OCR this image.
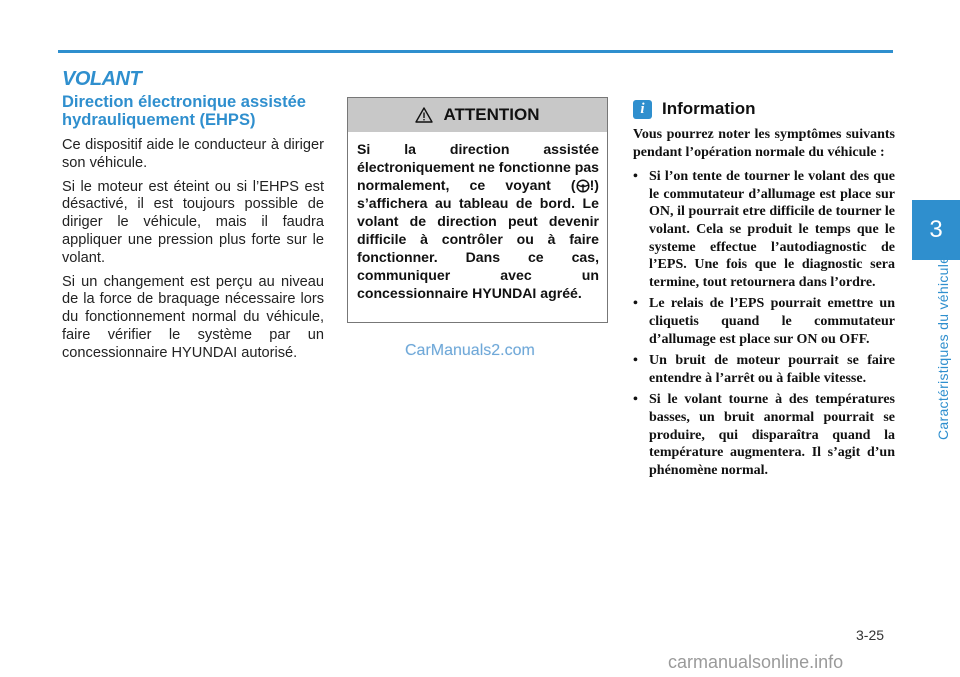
3
Caractéristiques du véhicule
VOLANT
Direction électronique assistée hydrauliquement (EHPS)

Ce dispositif aide le conducteur à diriger son véhicule.

Si le moteur est éteint ou si l’EHPS est désactivé, il est toujours possible de diriger le véhicule, mais il faudra appliquer une pression plus forte sur le volant.

Si un changement est perçu au niveau de la force de braquage nécessaire lors du fonctionnement normal du véhicule, faire vérifier le système par un concessionnaire HYUNDAI autorisé.

ATTENTION
Si la direction assistée électroniquement ne fonctionne pas normalement, ce voyant ( !) s’affichera au tableau de bord. Le volant de direction peut devenir difficile à contrôler ou à faire fonctionner. Dans ce cas, communiquer avec un concessionnaire HYUNDAI agréé.
CarManuals2.com
i	Information

Vous pourrez noter les symptômes suivants pendant l’opération normale du véhicule :

• Si l’on tente de tourner le volant des que le commutateur d’allumage est place sur ON, il pourrait etre difficile de tourner le volant. Cela se produit le temps que le systeme effectue l’autodiagnostic de l’EPS. Une fois que le diagnostic sera termine, tout retournera dans l’ordre.
• Le relais de l’EPS pourrait emettre un cliquetis quand le commutateur d’allumage est place sur ON ou OFF.
• Un bruit de moteur pourrait se faire entendre à l’arrêt ou à faible vitesse.
• Si le volant tourne à des températures basses, un bruit anormal pourrait se produire, qui disparaîtra quand la température augmentera. Il s’agit d’un phénomène normal.
3-25
carmanualsonline.info
